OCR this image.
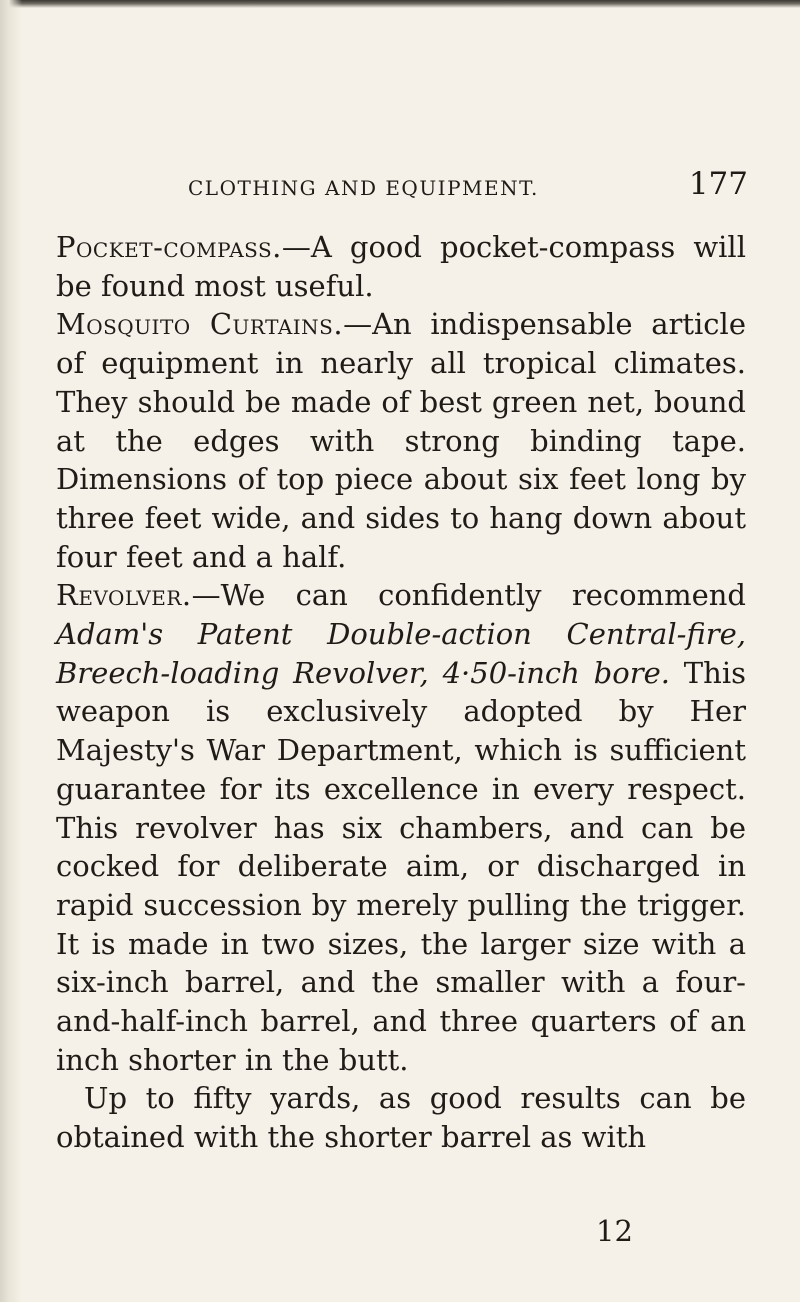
CLOTHING AND EQUIPMENT.	177

Pocket-compass.—A good pocket-compass will be found most useful.

Mosquito Curtains.—An indispensable article of equipment in nearly all tropical climates. They should be made of best green net, bound at the edges with strong binding tape. Dimensions of top piece about six feet long by three feet wide, and sides to hang down about four feet and a half.

Revolver.—We can confidently recommend Adam's Patent Double-action Central-fire, Breech-loading Revolver, 4·50-inch bore. This weapon is exclusively adopted by Her Majesty's War Department, which is sufficient guarantee for its excellence in every respect. This revolver has six chambers, and can be cocked for deliberate aim, or discharged in rapid succession by merely pulling the trigger. It is made in two sizes, the larger size with a six-inch barrel, and the smaller with a four-and-half-inch barrel, and three quarters of an inch shorter in the butt.

Up to fifty yards, as good results can be obtained with the shorter barrel as with

12
